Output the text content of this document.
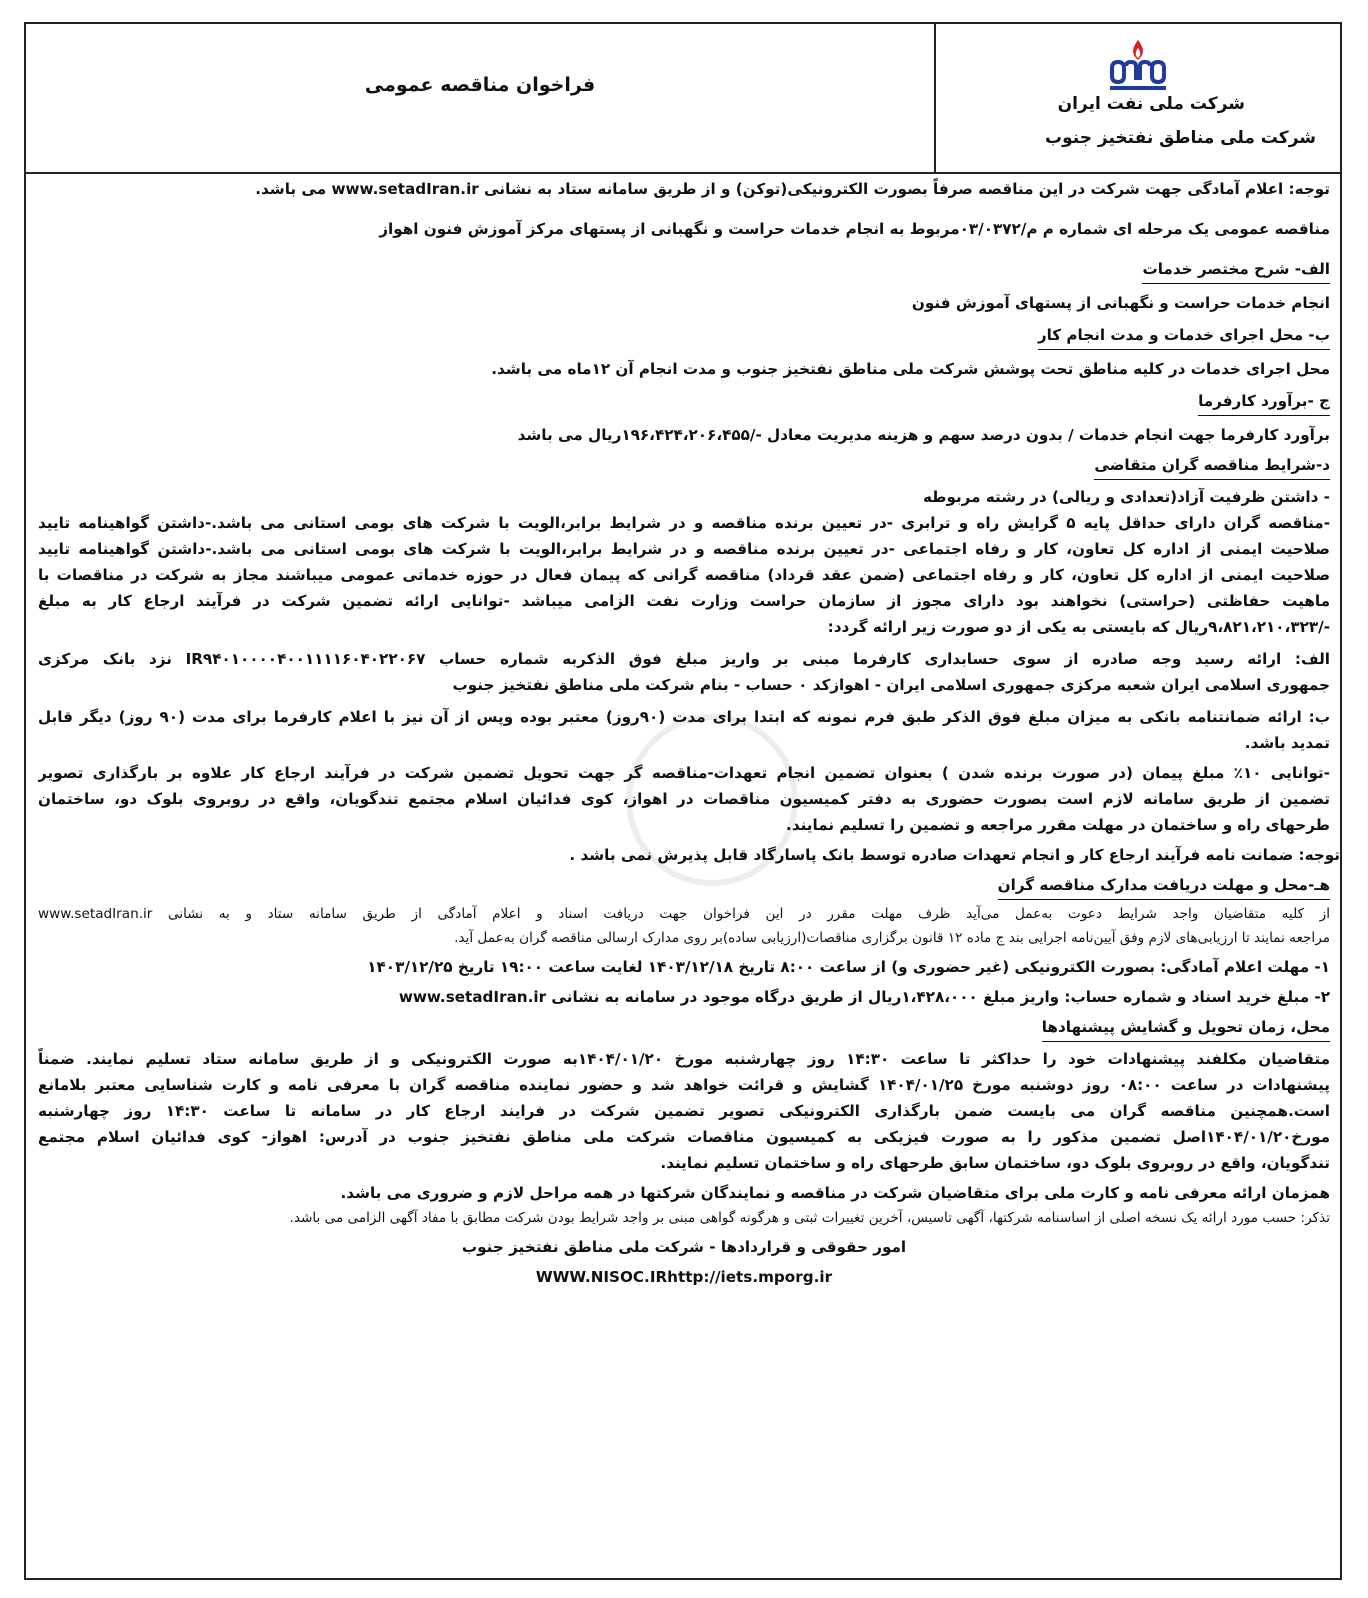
فراخوان مناقصه عمومی
شرکت ملی نفت ایران
شرکت ملی مناطق نفتخیز جنوب
توجه: اعلام آمادگی جهت شرکت در این مناقصه صرفاً بصورت الکترونیکی(توکن) و از طریق سامانه ستاد به نشانی www.setadIran.ir می باشد.
مناقصه عمومی یک مرحله ای شماره م م/۰۳/۰۳۷۲مربوط به انجام خدمات حراست و نگهبانی از پستهای مرکز آموزش فنون اهواز
الف- شرح مختصر خدمات
انجام خدمات حراست و نگهبانی از پستهای آموزش فنون
ب- محل اجرای خدمات و مدت انجام کار
محل اجرای خدمات در کلیه مناطق تحت پوشش شرکت ملی مناطق نفتخیز جنوب و مدت انجام آن ۱۲ماه می باشد.
ج -برآورد کارفرما
برآورد کارفرما جهت انجام خدمات / بدون درصد سهم و هزینه مدیریت معادل -/۱۹۶،۴۲۴،۲۰۶،۴۵۵ریال می باشد
د-شرایط مناقصه گران متقاضی
- داشتن ظرفیت آزاد(تعدادی و ریالی) در رشته مربوطه
-مناقصه گران دارای حداقل پایه ۵ گرایش راه و ترابری -در تعیین برنده مناقصه و در شرایط برابر،الویت با شرکت های بومی استانی می باشد.-داشتن گواهینامه تایید
صلاحیت ایمنی از اداره کل تعاون، کار و رفاه اجتماعی -در تعیین برنده مناقصه و در شرایط برابر،الویت با شرکت های بومی استانی می باشد.-داشتن گواهینامه تایید
صلاحیت ایمنی از اداره کل تعاون، کار و رفاه اجتماعی (ضمن عقد قرداد) مناقصه گرانی که پیمان فعال در حوزه خدماتی عمومی میباشند مجاز به شرکت در مناقصات با
ماهیت حفاظتی (حراستی) نخواهند بود دارای مجوز از سازمان حراست وزارت نفت الزامی میباشد -توانایی ارائه تضمین شرکت در فرآیند ارجاع کار به مبلغ
-/۹،۸۲۱،۲۱۰،۳۲۳ریال که بایستی به یکی از دو صورت زیر ارائه گردد:
الف: ارائه رسید وجه صادره از سوی حسابداری کارفرما مبنی بر واریز مبلغ فوق الذکربه شماره حساب IR۹۴۰۱۰۰۰۰۴۰۰۱۱۱۱۶۰۴۰۲۲۰۶۷ نزد بانک مرکزی
جمهوری اسلامی ایران شعبه مرکزی جمهوری اسلامی ایران - اهوازکد ۰ حساب - بنام شرکت ملی مناطق نفتخیز جنوب
ب: ارائه ضمانتنامه بانکی به میزان مبلغ فوق الذکر طبق فرم نمونه که ابتدا برای مدت (۹۰روز) معتبر بوده وپس از آن نیز با اعلام کارفرما برای مدت (۹۰ روز) دیگر قابل
تمدید باشد.
-توانایی ۱۰٪ مبلغ پیمان (در صورت برنده شدن ) بعنوان تضمین انجام تعهدات-مناقصه گر جهت تحویل تضمین شرکت در فرآیند ارجاع کار علاوه بر بارگذاری تصویر
تضمین از طریق سامانه لازم است بصورت حضوری به دفتر کمیسیون مناقصات در اهواز، کوی فدائیان اسلام مجتمع تندگویان، واقع در روبروی بلوک دو، ساختمان
طرحهای راه و ساختمان در مهلت مقرر مراجعه و تضمین را تسلیم نمایند.
توجه: ضمانت نامه فرآیند ارجاع کار و انجام تعهدات صادره توسط بانک پاسارگاد قابل پذیرش نمی باشد .
هـ-محل و مهلت دریافت مدارک مناقصه گران
از کلیه متقاضیان واجد شرایط دعوت به‌عمل می‌آید ظرف مهلت مقرر در این فراخوان جهت دریافت اسناد و اعلام آمادگی از طریق سامانه ستاد و به نشانی www.setadIran.ir
مراجعه نمایند تا ارزیابی‌های لازم وفق آیین‌نامه اجرایی بند ج ماده ۱۲ قانون برگزاری مناقصات(ارزیابی ساده)بر روی مدارک ارسالی مناقصه گران به‌عمل آید.
۱- مهلت اعلام آمادگی: بصورت الکترونیکی (غیر حضوری و) از ساعت ۸:۰۰ تاریخ ۱۴۰۳/۱۲/۱۸ لغایت ساعت ۱۹:۰۰ تاریخ ۱۴۰۳/۱۲/۲۵
۲- مبلغ خرید اسناد و شماره حساب: واریز مبلغ ۱،۴۲۸،۰۰۰ریال از طریق درگاه موجود در سامانه به نشانی www.setadIran.ir
محل، زمان تحویل و گشایش پیشنهادها
متقاضیان مکلفند پیشنهادات خود را حداکثر تا ساعت ۱۴:۳۰ روز چهارشنبه مورخ ۱۴۰۴/۰۱/۲۰به صورت الکترونیکی و از طریق سامانه ستاد تسلیم نمایند. ضمناً
پیشنهادات در ساعت ۰۸:۰۰ روز دوشنبه مورخ ۱۴۰۴/۰۱/۲۵ گشایش و قرائت خواهد شد و حضور نماینده مناقصه گران با معرفی نامه و کارت شناسایی معتبر بلامانع
است.همچنین مناقصه گران می بایست ضمن بارگذاری الکترونیکی تصویر تضمین شرکت در فرایند ارجاع کار در سامانه تا ساعت ۱۴:۳۰ روز چهارشنبه
مورخ۱۴۰۴/۰۱/۲۰اصل تضمین مذکور را به صورت فیزیکی به کمیسیون مناقصات شرکت ملی مناطق نفتخیز جنوب در آدرس: اهواز- کوی فدائیان اسلام مجتمع
تندگویان، واقع در روبروی بلوک دو، ساختمان سابق طرحهای راه و ساختمان تسلیم نمایند.
همزمان ارائه معرفی نامه و کارت ملی برای متقاضیان شرکت در مناقصه و نمایندگان شرکتها در همه مراحل لازم و ضروری می باشد.
تذکر: حسب مورد ارائه یک نسخه اصلی از اساسنامه شرکتها، آگهی تاسیس، آخرین تغییرات ثبتی و هرگونه گواهی مبنی بر واجد شرایط بودن شرکت مطابق با مفاد آگهی الزامی می باشد.
امور حقوقی و قراردادها - شرکت ملی مناطق نفتخیز جنوب
WWW.NISOC.IRhttp://iets.mporg.ir
